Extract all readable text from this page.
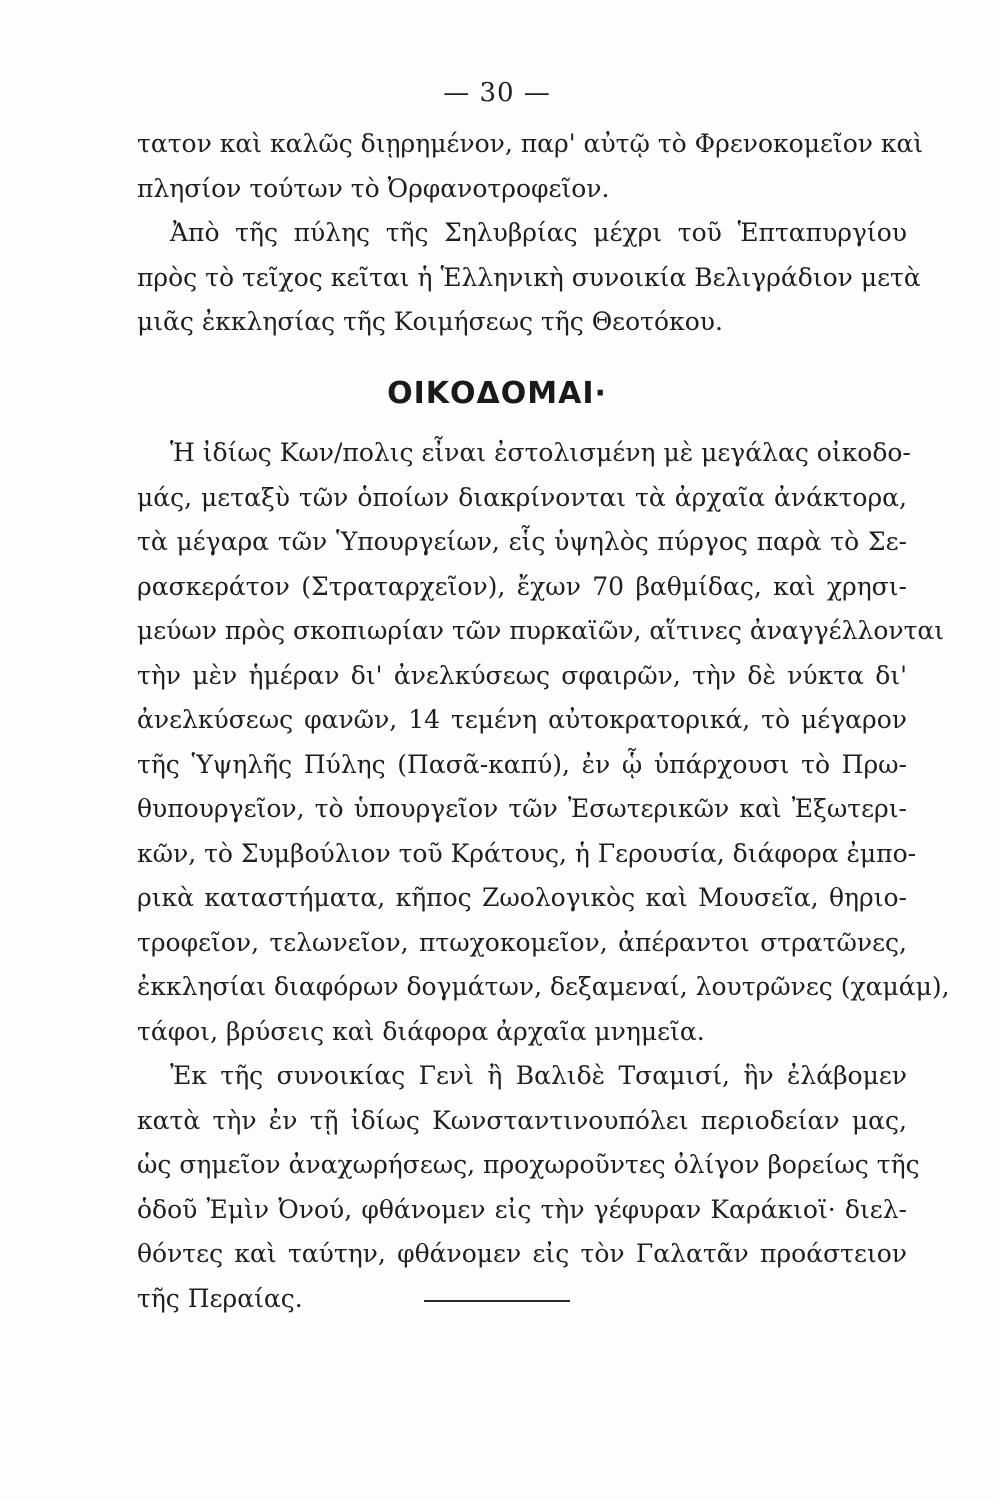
— 30 —
τατον καὶ καλῶς διῃρημένον, παρ' αὐτῷ τὸ Φρενοκομεῖον καὶ
πλησίον τούτων τὸ Ὀρφανοτροφεῖον.
Ἀπὸ τῆς πύλης τῆς Σηλυβρίας μέχρι τοῦ Ἑπταπυργίου
πρὸς τὸ τεῖχος κεῖται ἡ Ἑλληνικὴ συνοικία Βελιγράδιον μετὰ
μιᾶς ἐκκλησίας τῆς Κοιμήσεως τῆς Θεοτόκου.
ΟΙΚΟΔΟΜΑΙ·
Ἡ ἰδίως Κων/πολις εἶναι ἐστολισμένη μὲ μεγάλας οἰκοδο-
μάς, μεταξὺ τῶν ὁποίων διακρίνονται τὰ ἀρχαῖα ἀνάκτορα,
τὰ μέγαρα τῶν Ὑπουργείων, εἷς ὑψηλὸς πύργος παρὰ τὸ Σε-
ρασκεράτον (Στραταρχεῖον), ἔχων 70 βαθμίδας, καὶ χρησι-
μεύων πρὸς σκοπιωρίαν τῶν πυρκαϊῶν, αἵτινες ἀναγγέλλονται
τὴν μὲν ἡμέραν δι' ἀνελκύσεως σφαιρῶν, τὴν δὲ νύκτα δι'
ἀνελκύσεως φανῶν, 14 τεμένη αὐτοκρατορικά, τὸ μέγαρον
τῆς Ὑψηλῆς Πύλης (Πασᾶ-καπύ), ἐν ᾧ ὑπάρχουσι τὸ Πρω-
θυπουργεῖον, τὸ ὑπουργεῖον τῶν Ἐσωτερικῶν καὶ Ἐξωτερι-
κῶν, τὸ Συμβούλιον τοῦ Κράτους, ἡ Γερουσία, διάφορα ἐμπο-
ρικὰ καταστήματα, κῆπος Ζωολογικὸς καὶ Μουσεῖα, θηριο-
τροφεῖον, τελωνεῖον, πτωχοκομεῖον, ἀπέραντοι στρατῶνες,
ἐκκλησίαι διαφόρων δογμάτων, δεξαμεναί, λουτρῶνες (χαμάμ),
τάφοι, βρύσεις καὶ διάφορα ἀρχαῖα μνημεῖα.
Ἐκ τῆς συνοικίας Γενὶ ἢ Βαλιδὲ Τσαμισί, ἣν ἐλάβομεν
κατὰ τὴν ἐν τῇ ἰδίως Κωνσταντινουπόλει περιοδείαν μας,
ὡς σημεῖον ἀναχωρήσεως, προχωροῦντες ὀλίγον βορείως τῆς
ὁδοῦ Ἐμὶν Ὀνού, φθάνομεν εἰς τὴν γέφυραν Καράκιοϊ· διελ-
θόντες καὶ ταύτην, φθάνομεν εἰς τὸν Γαλατᾶν προάστειον
τῆς Περαίας.
